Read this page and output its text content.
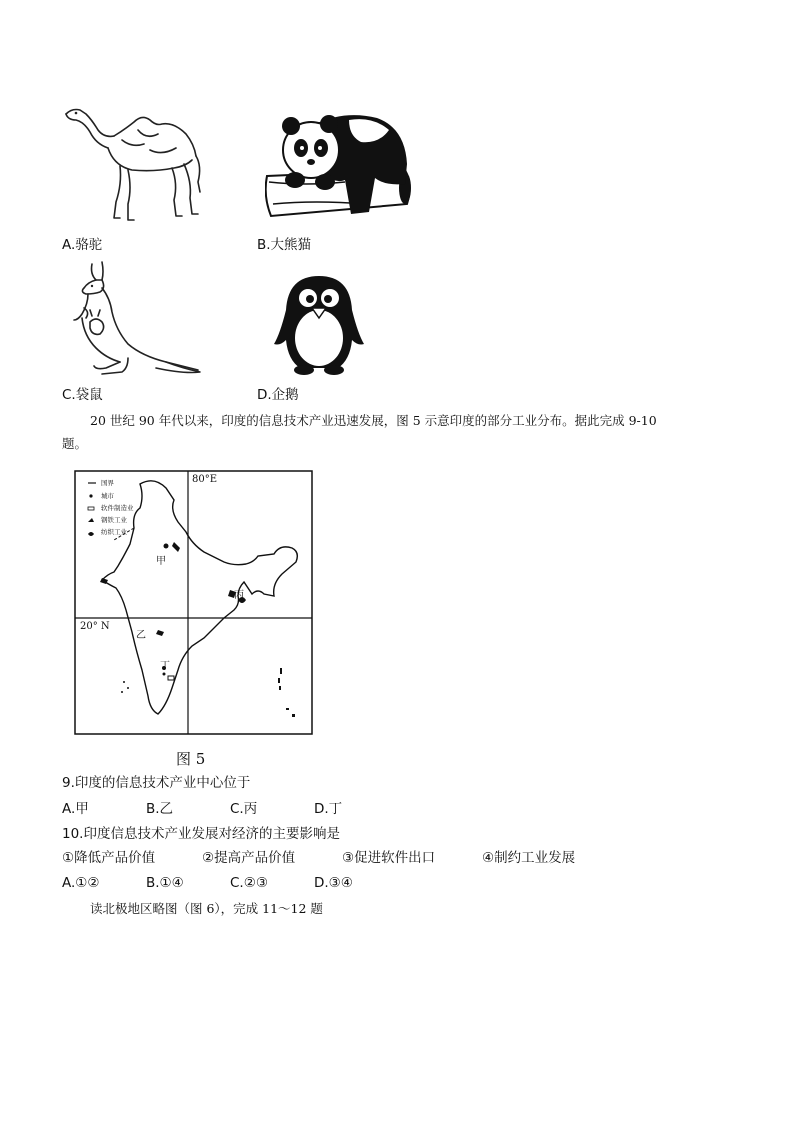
A.骆驼	B.大熊猫
C.袋鼠	D.企鹅
20 世纪 90 年代以来，印度的信息技术产业迅速发展，图 5 示意印度的部分工业分布。据此完成 9-10
题。
国界
城市
软件制造业
钢铁工业
纺织工业
80°E
20° N
甲
乙
丙
丁
图 5
9.印度的信息技术产业中心位于
A.甲	B.乙	C.丙	D.丁
10.印度信息技术产业发展对经济的主要影响是
①降低产品价值	②提高产品价值	③促进软件出口	④制约工业发展
A.①②	B.①④	C.②③	D.③④
读北极地区略图（图 6），完成 11～12 题
